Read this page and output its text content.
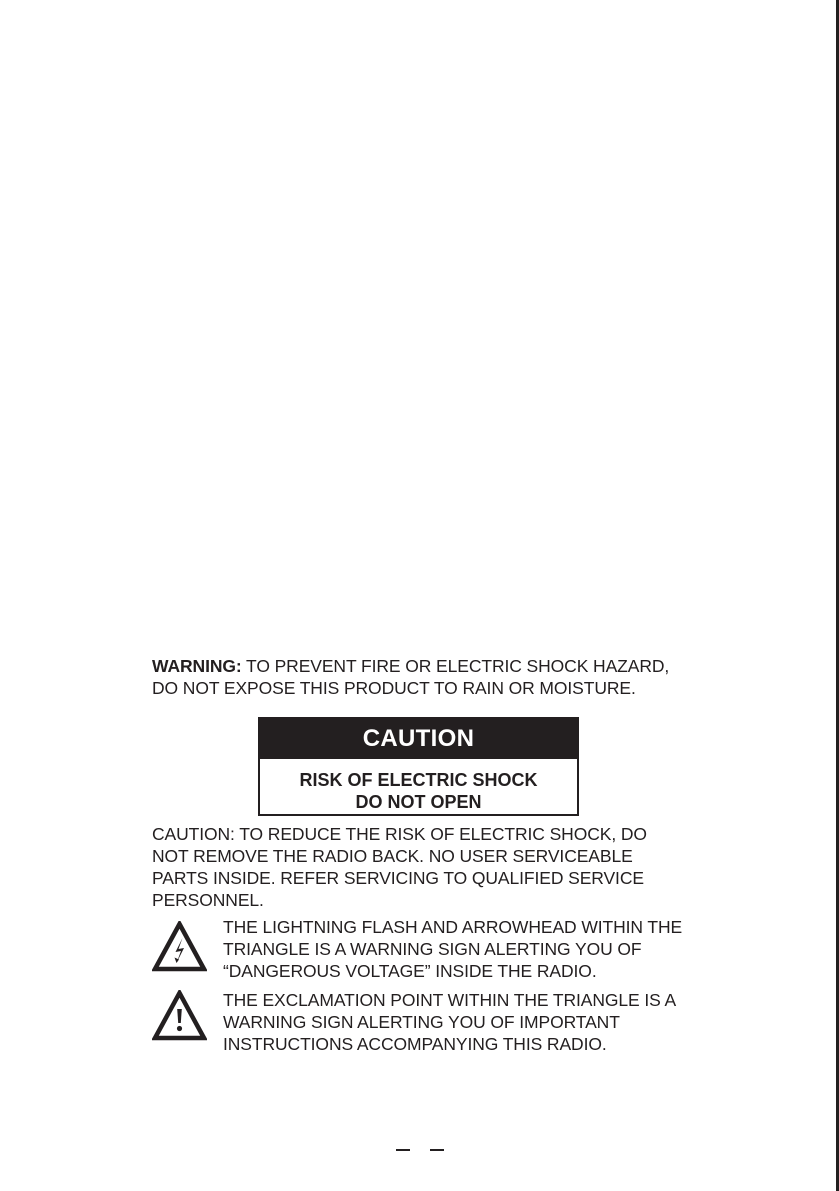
WARNING: TO PREVENT FIRE OR ELECTRIC SHOCK HAZARD,
DO NOT EXPOSE THIS PRODUCT TO RAIN OR MOISTURE.

CAUTION
RISK OF ELECTRIC SHOCK
DO NOT OPEN

CAUTION: TO REDUCE THE RISK OF ELECTRIC SHOCK, DO
NOT REMOVE THE RADIO BACK. NO USER SERVICEABLE
PARTS INSIDE. REFER SERVICING TO QUALIFIED SERVICE
PERSONNEL.

THE LIGHTNING FLASH AND ARROWHEAD WITHIN THE
TRIANGLE IS A WARNING SIGN ALERTING YOU OF
“DANGEROUS VOLTAGE” INSIDE THE RADIO.

THE EXCLAMATION POINT WITHIN THE TRIANGLE IS A
WARNING SIGN ALERTING YOU OF IMPORTANT
INSTRUCTIONS ACCOMPANYING THIS RADIO.
